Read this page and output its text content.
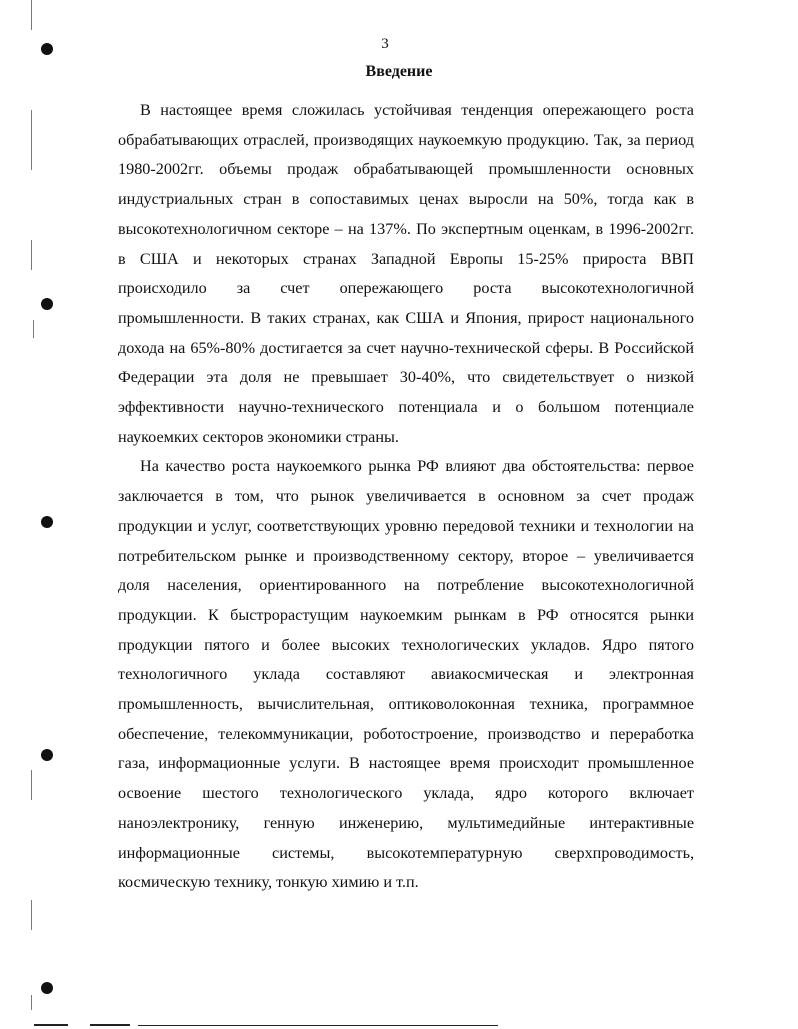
3
Введение

В настоящее время сложилась устойчивая тенденция опережающего роста обрабатывающих отраслей, производящих наукоемкую продукцию. Так, за период 1980-2002гг. объемы продаж обрабатывающей промышленности основных индустриальных стран в сопоставимых ценах выросли на 50%, тогда как в высокотехнологичном секторе – на 137%. По экспертным оценкам, в 1996-2002гг. в США и некоторых странах Западной Европы 15-25% прироста ВВП происходило за счет опережающего роста высокотехнологичной промышленности. В таких странах, как США и Япония, прирост национального дохода на 65%-80% достигается за счет научно-технической сферы. В Российской Федерации эта доля не превышает 30-40%, что свидетельствует о низкой эффективности научно-технического потенциала и о большом потенциале наукоемких секторов экономики страны.

На качество роста наукоемкого рынка РФ влияют два обстоятельства: первое заключается в том, что рынок увеличивается в основном за счет продаж продукции и услуг, соответствующих уровню передовой техники и технологии на потребительском рынке и производственному сектору, второе – увеличивается доля населения, ориентированного на потребление высокотехнологичной продукции. К быстрорастущим наукоемким рынкам в РФ относятся рынки продукции пятого и более высоких технологических укладов. Ядро пятого технологичного уклада составляют авиакосмическая и электронная промышленность, вычислительная, оптиковолоконная техника, программное обеспечение, телекоммуникации, роботостроение, производство и переработка газа, информационные услуги. В настоящее время происходит промышленное освоение шестого технологического уклада, ядро которого включает наноэлектронику, генную инженерию, мультимедийные интерактивные информационные системы, высокотемпературную сверхпроводимость, космическую технику, тонкую химию и т.п.
